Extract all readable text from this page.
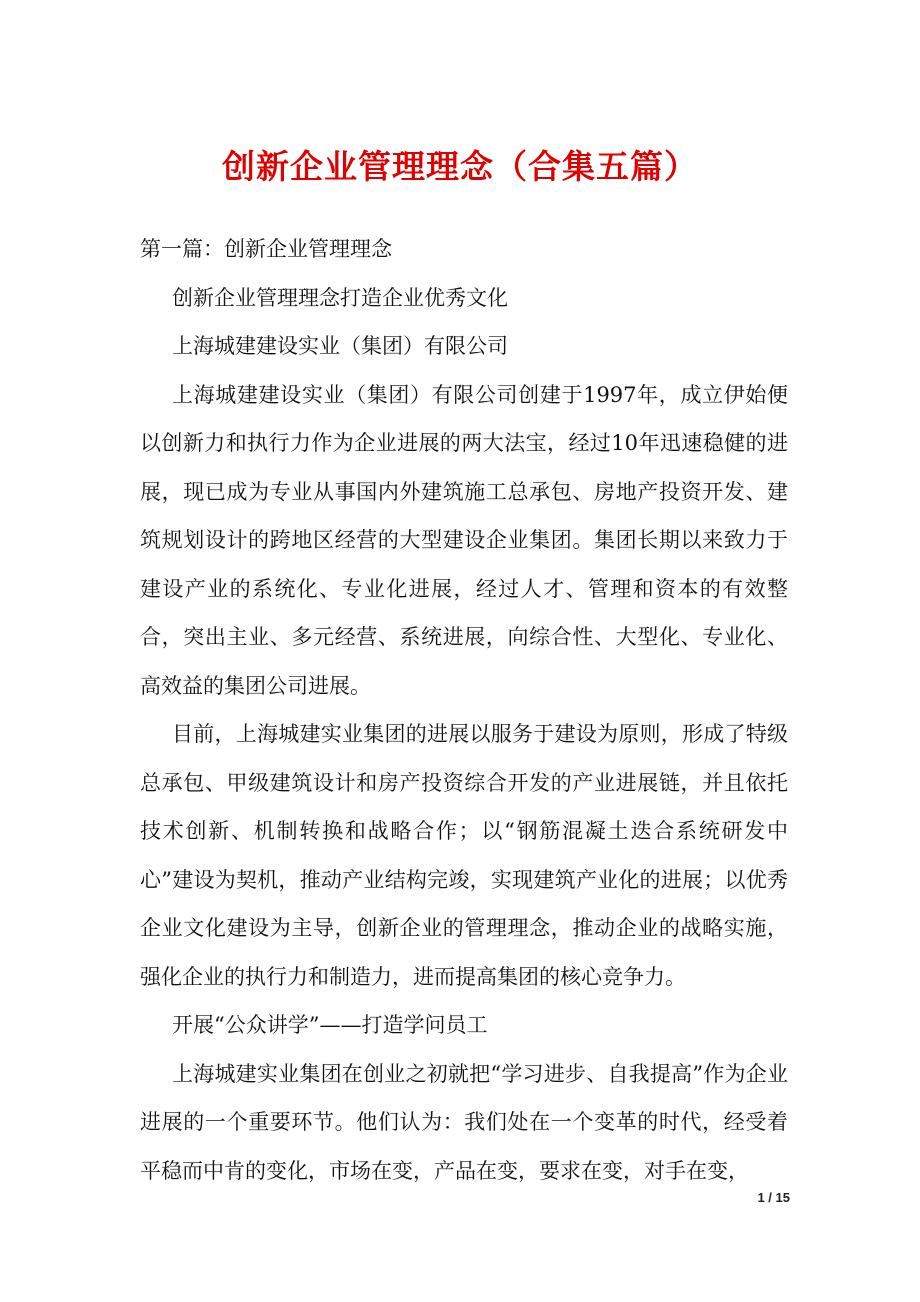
创新企业管理理念（合集五篇）

第一篇：创新企业管理理念

创新企业管理理念打造企业优秀文化

上海城建建设实业（集团）有限公司

上海城建建设实业（集团）有限公司创建于1997年，成立伊始便以创新力和执行力作为企业进展的两大法宝，经过10年迅速稳健的进展，现已成为专业从事国内外建筑施工总承包、房地产投资开发、建筑规划设计的跨地区经营的大型建设企业集团。集团长期以来致力于建设产业的系统化、专业化进展，经过人才、管理和资本的有效整合，突出主业、多元经营、系统进展，向综合性、大型化、专业化、高效益的集团公司进展。

目前，上海城建实业集团的进展以服务于建设为原则，形成了特级总承包、甲级建筑设计和房产投资综合开发的产业进展链，并且依托技术创新、机制转换和战略合作；以“钢筋混凝土迭合系统研发中心”建设为契机，推动产业结构完竣，实现建筑产业化的进展；以优秀企业文化建设为主导，创新企业的管理理念，推动企业的战略实施，强化企业的执行力和制造力，进而提高集团的核心竞争力。

开展“公众讲学”——打造学问员工

上海城建实业集团在创业之初就把“学习进步、自我提高”作为企业进展的一个重要环节。他们认为：我们处在一个变革的时代，经受着平稳而中肯的变化，市场在变，产品在变，要求在变，对手在变，

1 / 15
